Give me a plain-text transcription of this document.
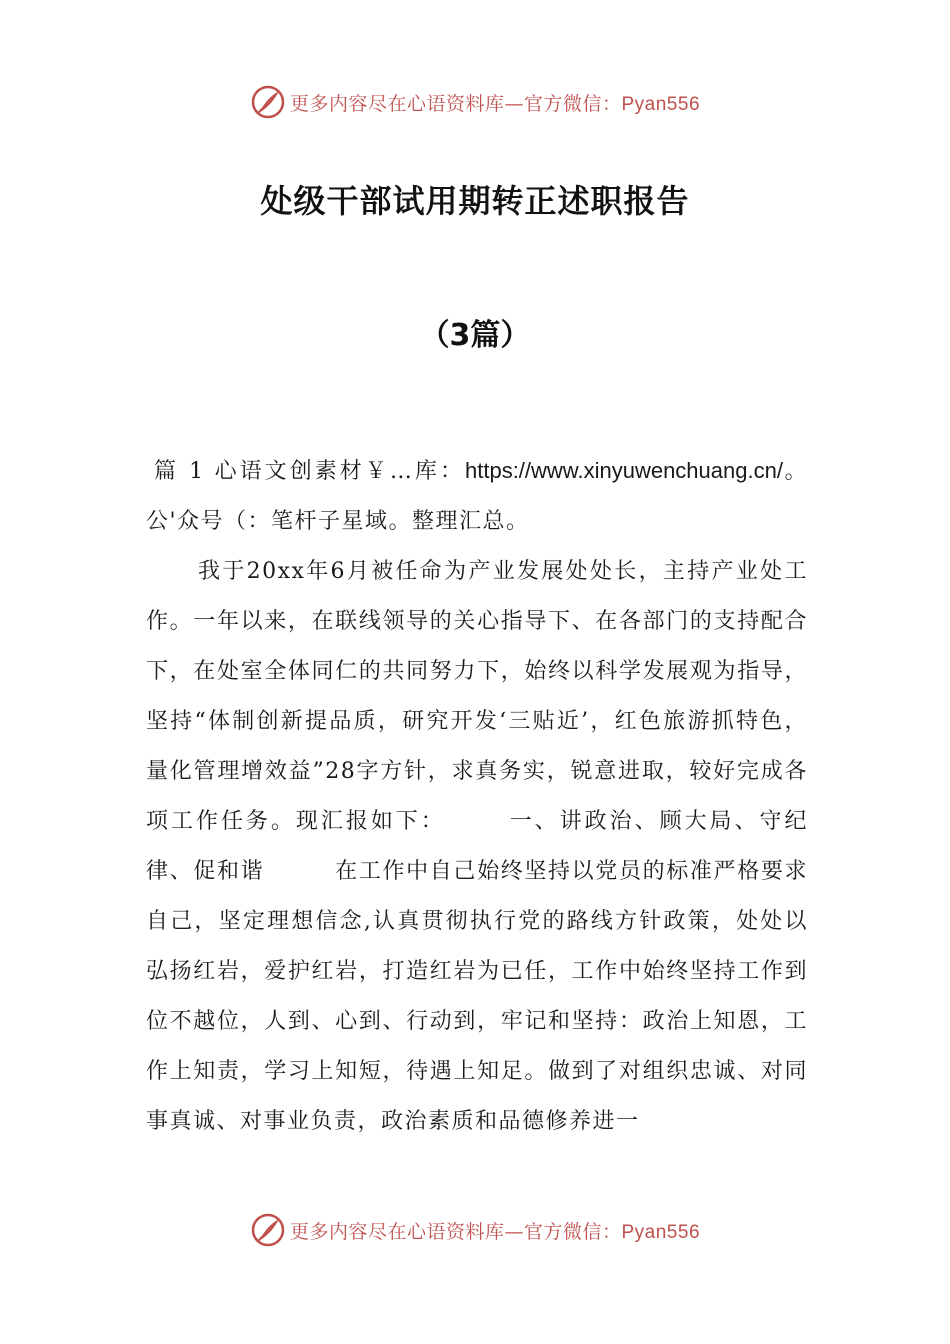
更多内容尽在心语资料库—官方微信：Pyan556
处级干部试用期转正述职报告
（3篇）

篇 1 心语文创素材￥…库：https://www.xinyuwenchuang.cn/。公'众号（：笔杆子星域。整理汇总。

我于20xx年6月被任命为产业发展处处长，主持产业处工作。一年以来，在联线领导的关心指导下、在各部门的支持配合下，在处室全体同仁的共同努力下，始终以科学发展观为指导，坚持“体制创新提品质，研究开发‘三贴近’，红色旅游抓特色，量化管理增效益”28字方针，求真务实，锐意进取，较好完成各项工作任务。现汇报如下：　　　一、讲政治、顾大局、守纪律、促和谐　　　在工作中自己始终坚持以党员的标准严格要求自己，坚定理想信念,认真贯彻执行党的路线方针政策，处处以弘扬红岩，爱护红岩，打造红岩为已任，工作中始终坚持工作到位不越位，人到、心到、行动到，牢记和坚持：政治上知恩，工作上知责，学习上知短，待遇上知足。做到了对组织忠诚、对同事真诚、对事业负责，政治素质和品德修养进一

更多内容尽在心语资料库—官方微信：Pyan556
